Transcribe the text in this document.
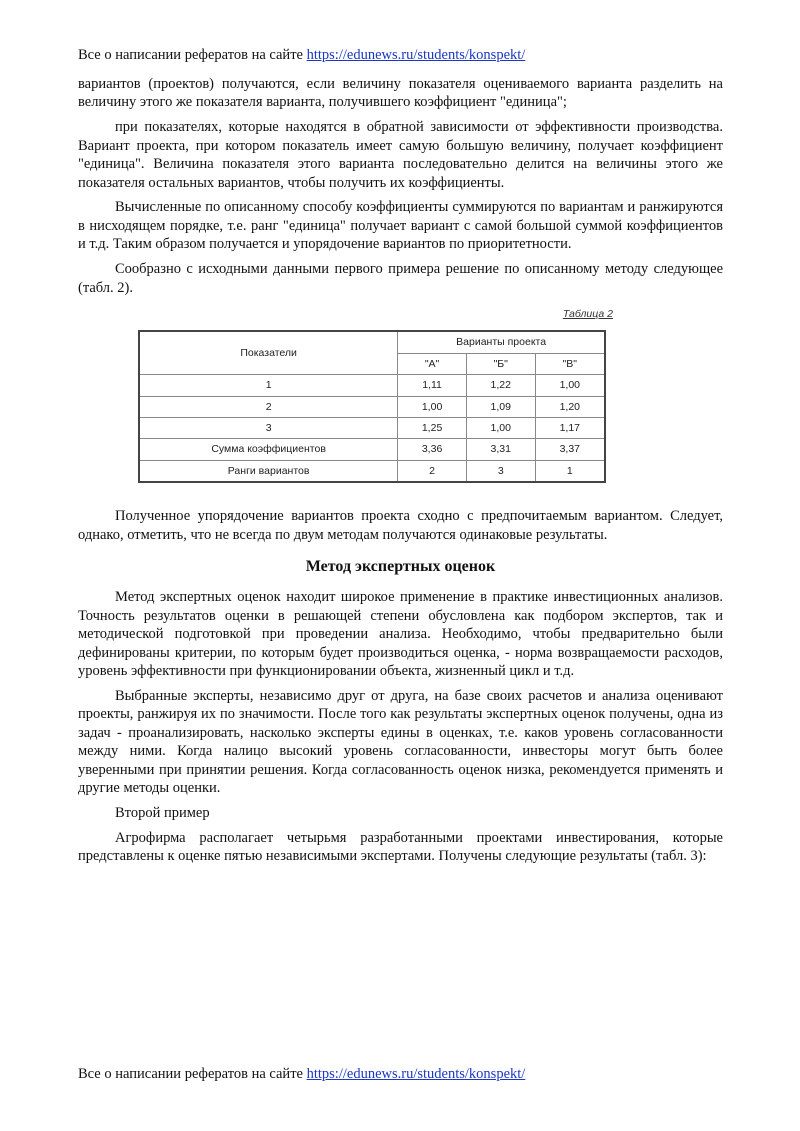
Все о написании рефератов на сайте https://edunews.ru/students/konspekt/

вариантов (проектов) получаются, если величину показателя оцениваемого варианта разделить на величину этого же показателя варианта, получившего коэффициент "единица";

при показателях, которые находятся в обратной зависимости от эффективности производства. Вариант проекта, при котором показатель имеет самую большую величину, получает коэффициент "единица". Величина показателя этого варианта последовательно делится на величины этого же показателя остальных вариантов, чтобы получить их коэффициенты.

Вычисленные по описанному способу коэффициенты суммируются по вариантам и ранжируются в нисходящем порядке, т.е. ранг "единица" получает вариант с самой большой суммой коэффициентов и т.д. Таким образом получается и упорядочение вариантов по приоритетности.

Сообразно с исходными данными первого примера решение по описанному методу следующее (табл. 2).

Таблица 2
Показатели	Варианты проекта		
	"А"	"Б"	"В"
1	1,11	1,22	1,00
2	1,00	1,09	1,20
3	1,25	1,00	1,17
Сумма коэффициентов	3,36	3,31	3,37
Ранги вариантов	2	3	1

Полученное упорядочение вариантов проекта сходно с предпочитаемым вариантом. Следует, однако, отметить, что не всегда по двум методам получаются одинаковые результаты.

Метод экспертных оценок

Метод экспертных оценок находит широкое применение в практике инвестиционных анализов. Точность результатов оценки в решающей степени обусловлена как подбором экспертов, так и методической подготовкой при проведении анализа. Необходимо, чтобы предварительно были дефинированы критерии, по которым будет производиться оценка, - норма возвращаемости расходов, уровень эффективности при функционировании объекта, жизненный цикл и т.д.

Выбранные эксперты, независимо друг от друга, на базе своих расчетов и анализа оценивают проекты, ранжируя их по значимости. После того как результаты экспертных оценок получены, одна из задач - проанализировать, насколько эксперты едины в оценках, т.е. каков уровень согласованности между ними. Когда налицо высокий уровень согласованности, инвесторы могут быть более уверенными при принятии решения. Когда согласованность оценок низка, рекомендуется применять и другие методы оценки.

Второй пример

Агрофирма располагает четырьмя разработанными проектами инвестирования, которые представлены к оценке пятью независимыми экспертами. Получены следующие результаты (табл. 3):

Все о написании рефератов на сайте https://edunews.ru/students/konspekt/
